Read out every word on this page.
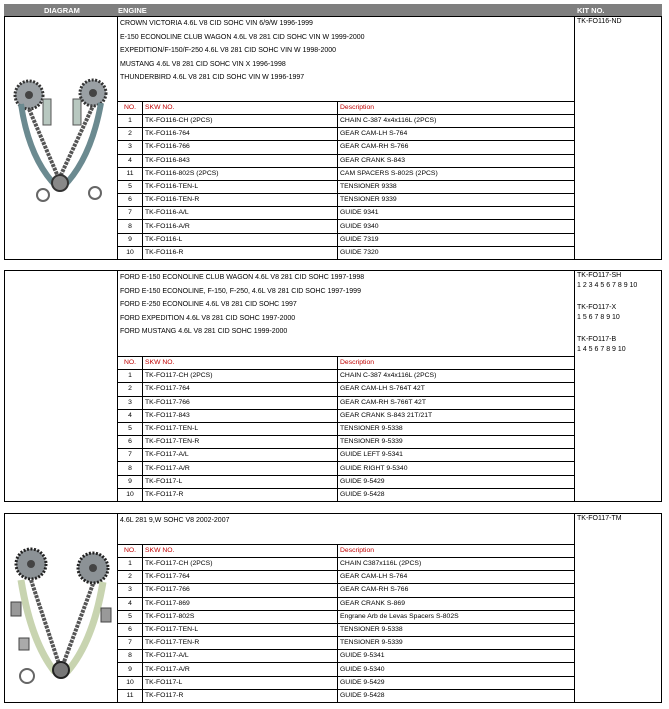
DIAGRAM	ENGINE	KIT NO.
CROWN VICTORIA 4.6L V8 CID SOHC VIN 6/9/W 1996-1999
E-150 ECONOLINE CLUB WAGON 4.6L V8 281 CID SOHC VIN W 1999-2000
EXPEDITION/F-150/F-250 4.6L V8 281 CID SOHC VIN W 1998-2000
MUSTANG 4.6L V8 281 CID SOHC VIN X 1996-1998
THUNDERBIRD 4.6L V8 281 CID SOHC VIN W 1996-1997
NO.	SKW NO.	Description
1	TK-FO116-CH (2PCS)	CHAIN C-387 4x4x116L (2PCS)
2	TK-FO116-764	GEAR CAM-LH S-764
3	TK-FO116-766	GEAR CAM-RH S-766
4	TK-FO116-843	GEAR CRANK S-843
11	TK-FO116-802S (2PCS)	CAM SPACERS S-802S (2PCS)
5	TK-FO116-TEN-L	TENSIONER 9338
6	TK-FO116-TEN-R	TENSIONER 9339
7	TK-FO116-A/L	GUIDE 9341
8	TK-FO116-A/R	GUIDE 9340
9	TK-FO116-L	GUIDE 7319
10	TK-FO116-R	GUIDE 7320
TK-FO116-ND
FORD E-150 ECONOLINE CLUB WAGON 4.6L V8 281 CID SOHC 1997-1998
FORD E-150 ECONOLINE, F-150, F-250, 4.6L V8 281 CID SOHC 1997-1999
FORD E-250 ECONOLINE 4.6L V8 281 CID SOHC 1997
FORD EXPEDITION 4.6L V8 281 CID SOHC 1997-2000
FORD MUSTANG 4.6L V8 281 CID SOHC 1999-2000
NO.	SKW NO.	Description
1	TK-FO117-CH (2PCS)	CHAIN C-387 4x4x116L (2PCS)
2	TK-FO117-764	GEAR CAM-LH S-764T 42T
3	TK-FO117-766	GEAR CAM-RH S-766T 42T
4	TK-FO117-843	GEAR CRANK S-843 21T/21T
5	TK-FO117-TEN-L	TENSIONER 9-5338
6	TK-FO117-TEN-R	TENSIONER 9-5339
7	TK-FO117-A/L	GUIDE LEFT 9-5341
8	TK-FO117-A/R	GUIDE RIGHT 9-5340
9	TK-FO117-L	GUIDE 9-5429
10	TK-FO117-R	GUIDE 9-5428
TK-FO117-SH
1 2 3 4 5 6 7 8 9 10
TK-FO117-X
1 5 6 7 8 9 10
TK-FO117-B
1 4 5 6 7 8 9 10
4.6L 281 9,W SOHC V8 2002-2007
NO.	SKW NO.	Description
1	TK-FO117-CH (2PCS)	CHAIN C387x116L (2PCS)
2	TK-FO117-764	GEAR CAM-LH S-764
3	TK-FO117-766	GEAR CAM-RH S-766
4	TK-FO117-869	GEAR CRANK S-869
5	TK-FO117-802S	Engrane Arb de Levas Spacers S-802S
6	TK-FO117-TEN-L	TENSIONER 9-5338
7	TK-FO117-TEN-R	TENSIONER 9-5339
8	TK-FO117-A/L	GUIDE 9-5341
9	TK-FO117-A/R	GUIDE 9-5340
10	TK-FO117-L	GUIDE 9-5429
11	TK-FO117-R	GUIDE 9-5428
TK-FO117-TM
